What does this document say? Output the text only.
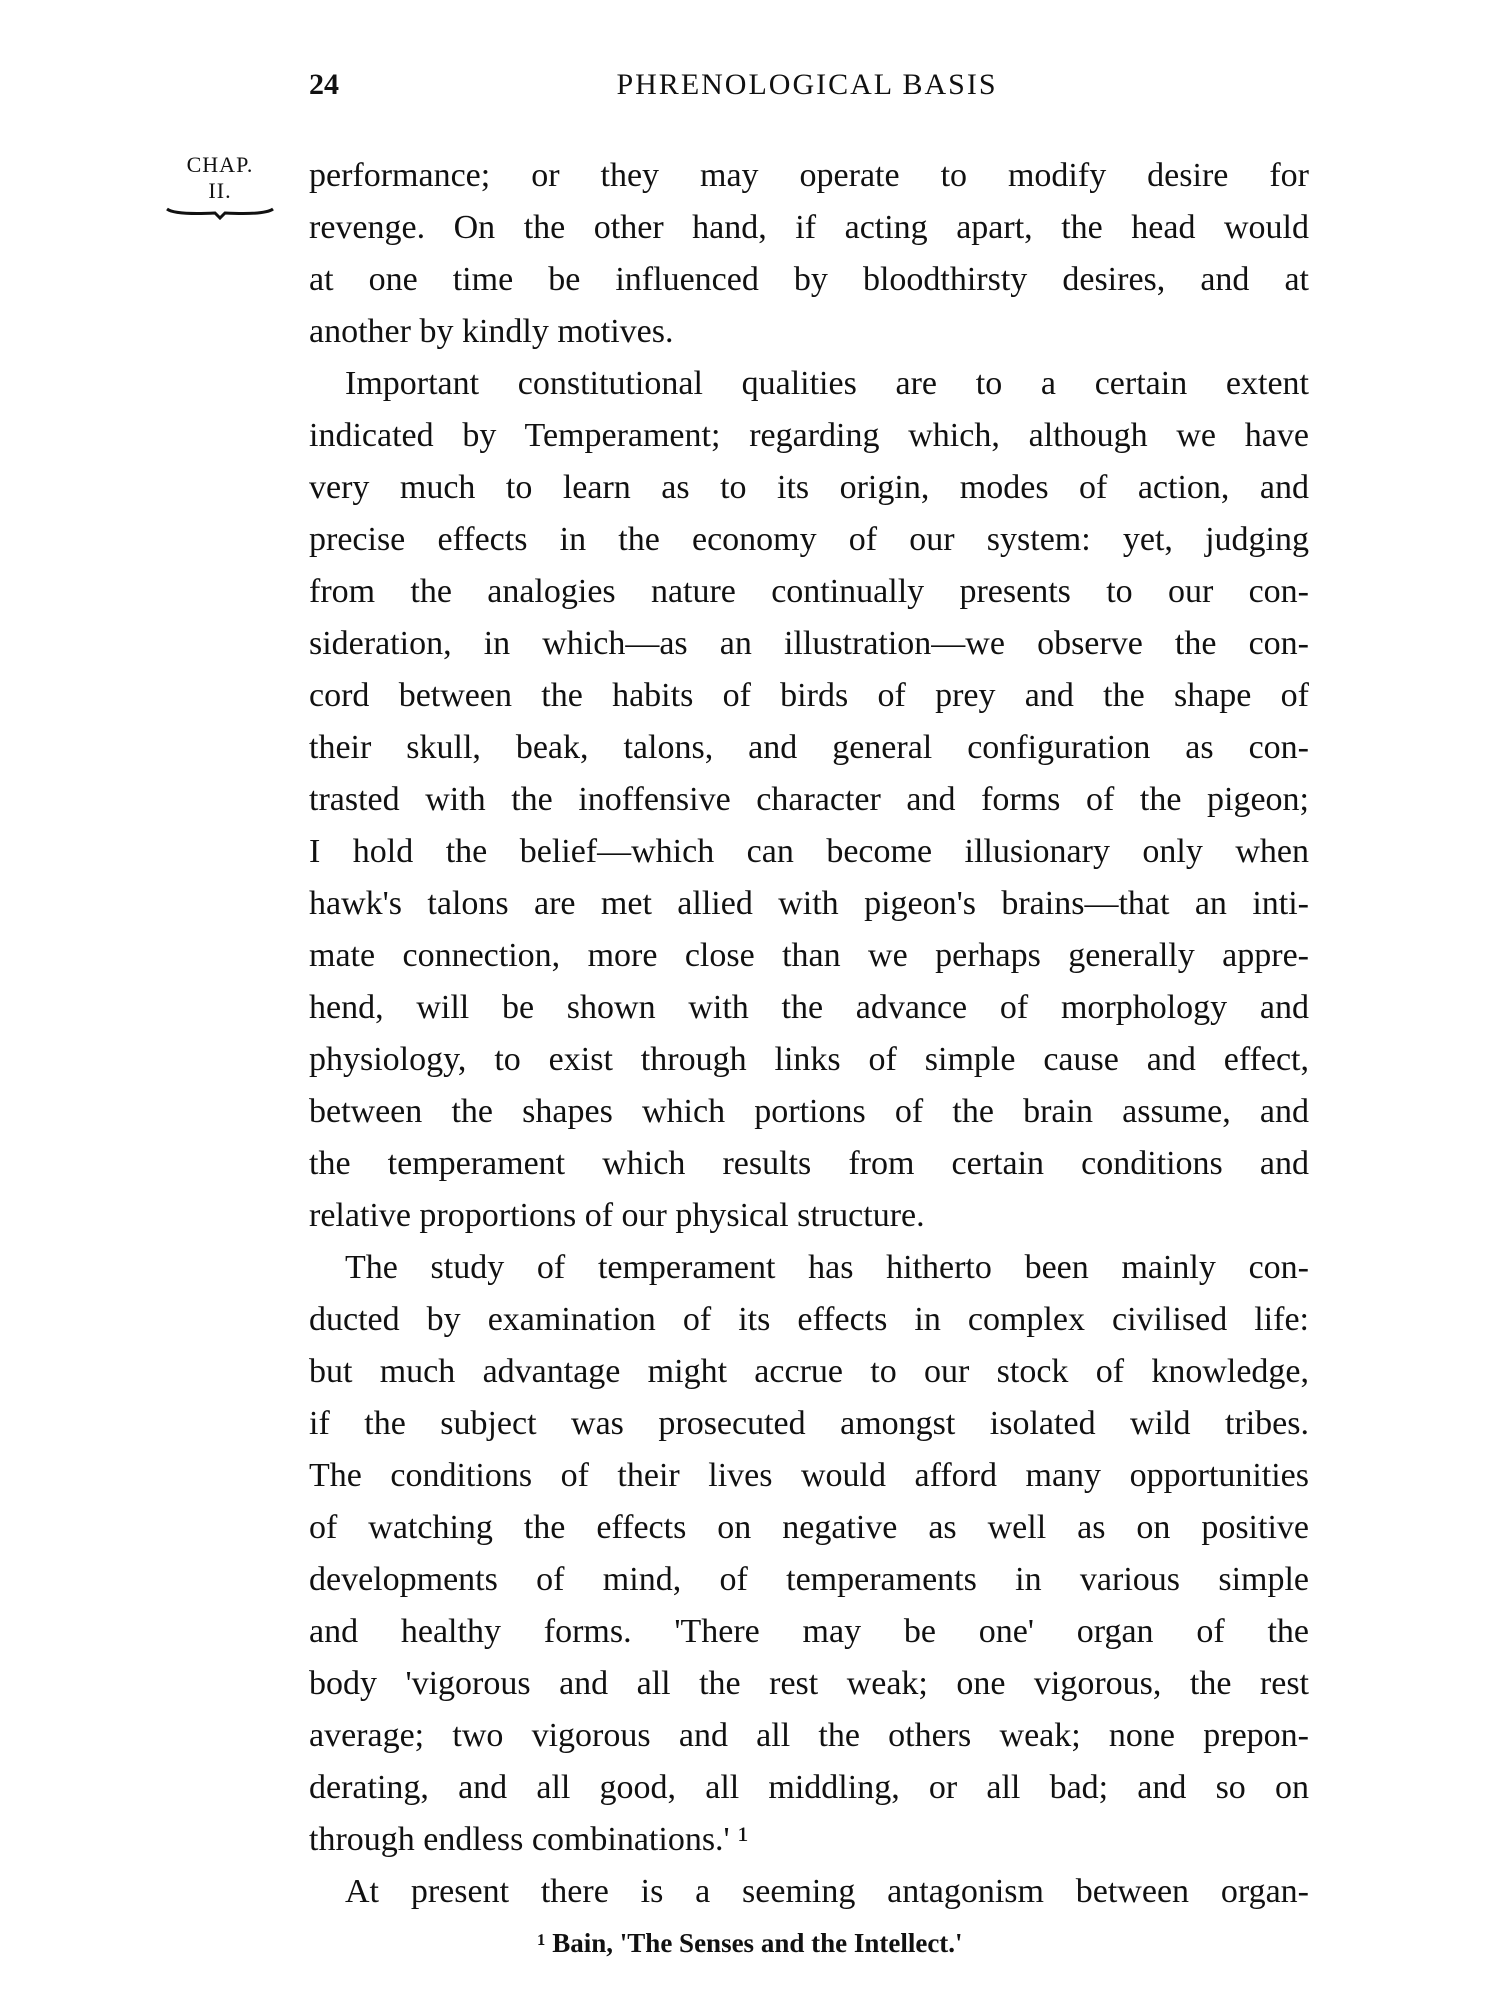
24	PHRENOLOGICAL BASIS
CHAP.
II.	performance; or they may operate to modify desire for
revenge. On the other hand, if acting apart, the head would
at one time be influenced by bloodthirsty desires, and at
another by kindly motives.
Important constitutional qualities are to a certain extent
indicated by Temperament; regarding which, although we have
very much to learn as to its origin, modes of action, and
precise effects in the economy of our system: yet, judging
from the analogies nature continually presents to our con-
sideration, in which—as an illustration—we observe the con-
cord between the habits of birds of prey and the shape of
their skull, beak, talons, and general configuration as con-
trasted with the inoffensive character and forms of the pigeon;
I hold the belief—which can become illusionary only when
hawk's talons are met allied with pigeon's brains—that an inti-
mate connection, more close than we perhaps generally appre-
hend, will be shown with the advance of morphology and
physiology, to exist through links of simple cause and effect,
between the shapes which portions of the brain assume, and
the temperament which results from certain conditions and
relative proportions of our physical structure.
The study of temperament has hitherto been mainly con-
ducted by examination of its effects in complex civilised life:
but much advantage might accrue to our stock of knowledge,
if the subject was prosecuted amongst isolated wild tribes.
The conditions of their lives would afford many opportunities
of watching the effects on negative as well as on positive
developments of mind, of temperaments in various simple
and healthy forms. 'There may be one' organ of the
body 'vigorous and all the rest weak; one vigorous, the rest
average; two vigorous and all the others weak; none prepon-
derating, and all good, all middling, or all bad; and so on
through endless combinations.' ¹
At present there is a seeming antagonism between organ-
¹ Bain, 'The Senses and the Intellect.'
